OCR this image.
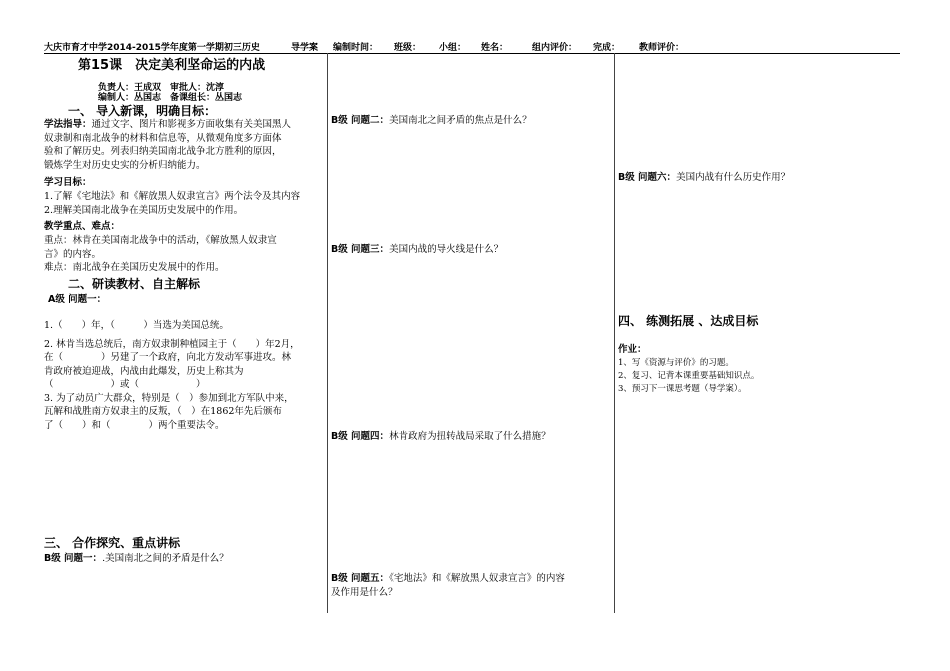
大庆市育才中学2014-2015学年度第一学期初三历史	导学案 编制时间： 班级： 小组： 姓名：	组内评价： 完成： 教师评价：
第15课　决定美利坚命运的内战
负责人：王成双　审批人：沈淳
编制人：丛国志　备课组长：丛国志
一、 导入新课，明确目标：
学法指导：通过文字、图片和影视多方面收集有关美国黑人
奴隶制和南北战争的材料和信息等，从微观角度多方面体
验和了解历史。列表归纳美国南北战争北方胜利的原因，
锻炼学生对历史史实的分析归纳能力。
学习目标：
1.了解《宅地法》和《解放黑人奴隶宣言》两个法令及其内容
2.理解美国南北战争在美国历史发展中的作用。
教学重点、难点：
重点：林肯在美国南北战争中的活动，《解放黑人奴隶宣
言》的内容。
难点：南北战争在美国历史发展中的作用。
二、研读教材、自主解标
A级 问题一：
1.（　　）年，（　　　）当选为美国总统。
2. 林肯当选总统后，南方奴隶制种植园主于（　　）年2月，
在（　　　　）另建了一个政府，向北方发动军事进攻。林
肯政府被迫迎战，内战由此爆发，历史上称其为
（　　　　　　）或（　　　　　　）
3. 为了动员广大群众，特别是（　）参加到北方军队中来，
瓦解和战胜南方奴隶主的反叛，（　）在1862年先后颁布
了（　　）和（　　　　）两个重要法令。
三、 合作探究、重点讲标
B级 问题一：.美国南北之间的矛盾是什么？
B级 问题二：美国南北之间矛盾的焦点是什么？
B级 问题三：美国内战的导火线是什么？
B级 问题四：林肯政府为扭转战局采取了什么措施？
B级 问题五：《宅地法》和《解放黑人奴隶宣言》的内容
及作用是什么？
B级 问题六：美国内战有什么历史作用？
四、 练测拓展 、达成目标
作业：
1、写《资源与评价》的习题。
2、复习、记背本课重要基础知识点。
3、预习下一课思考题（导学案）。
